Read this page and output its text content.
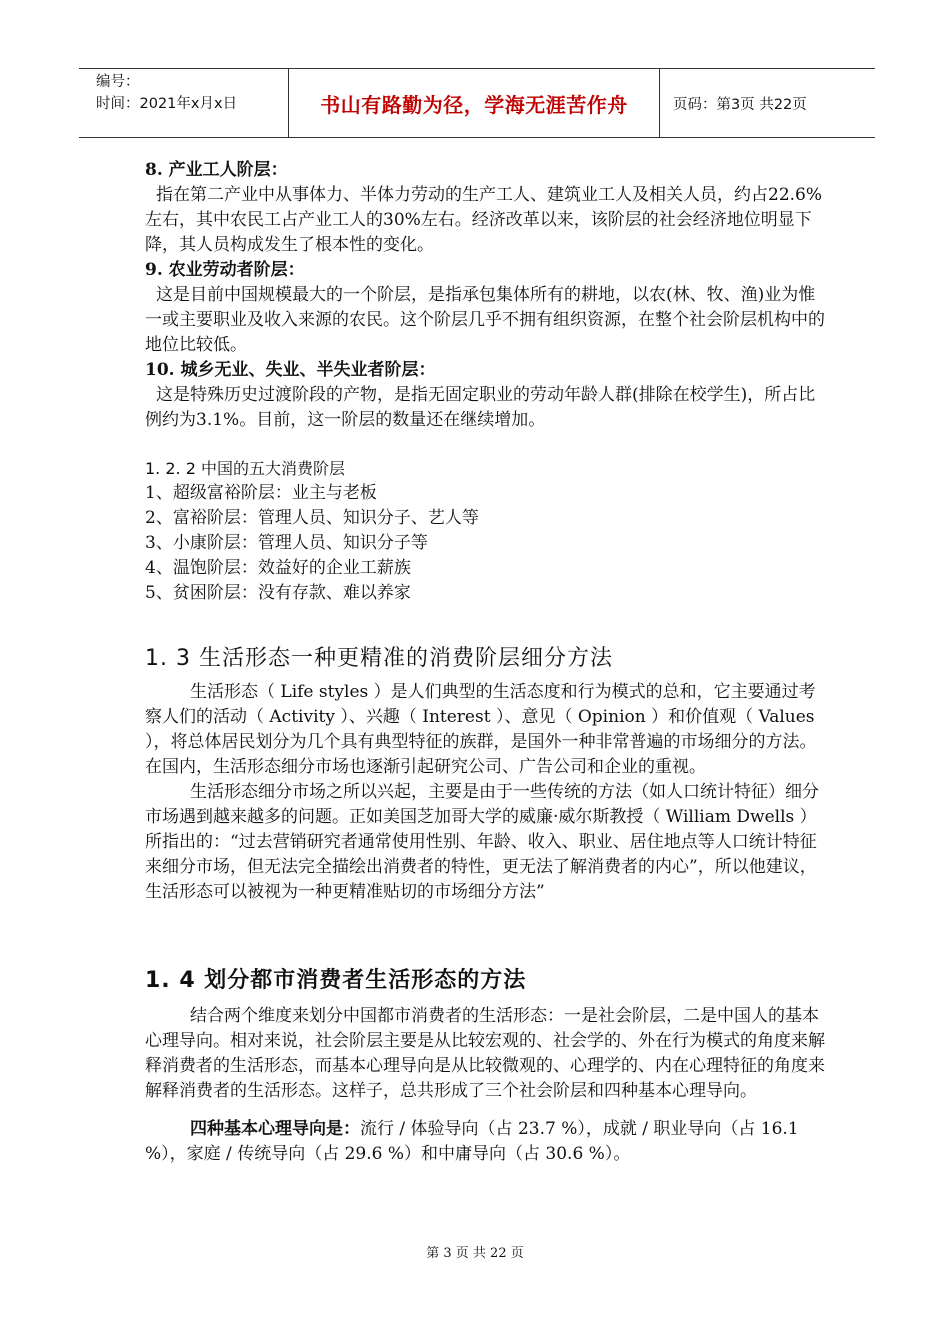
编号：
时间：2021年x月x日	书山有路勤为径，学海无涯苦作舟	页码：第3页 共22页

8. 产业工人阶层：

指在第二产业中从事体力、半体力劳动的生产工人、建筑业工人及相关人员，约占22.6%左右，其中农民工占产业工人的30%左右。经济改革以来，该阶层的社会经济地位明显下降，其人员构成发生了根本性的变化。

9. 农业劳动者阶层：

这是目前中国规模最大的一个阶层，是指承包集体所有的耕地，以农(林、牧、渔)业为惟一或主要职业及收入来源的农民。这个阶层几乎不拥有组织资源，在整个社会阶层机构中的地位比较低。

10. 城乡无业、失业、半失业者阶层：

这是特殊历史过渡阶段的产物，是指无固定职业的劳动年龄人群(排除在校学生)，所占比例约为3.1%。目前，这一阶层的数量还在继续增加。

1. 2. 2 中国的五大消费阶层

1、超级富裕阶层：业主与老板

2、富裕阶层：管理人员、知识分子、艺人等

3、小康阶层：管理人员、知识分子等

4、温饱阶层：效益好的企业工薪族

5、贫困阶层：没有存款、难以养家

1. 3 生活形态一种更精准的消费阶层细分方法

生活形态（ Life styles ）是人们典型的生活态度和行为模式的总和，它主要通过考察人们的活动（ Activity ）、兴趣（ Interest ）、意见（ Opinion ）和价值观（ Values ），将总体居民划分为几个具有典型特征的族群，是国外一种非常普遍的市场细分的方法。在国内，生活形态细分市场也逐渐引起研究公司、广告公司和企业的重视。

生活形态细分市场之所以兴起，主要是由于一些传统的方法（如人口统计特征）细分市场遇到越来越多的问题。正如美国芝加哥大学的威廉·威尔斯教授（ William Dwells ）所指出的：“过去营销研究者通常使用性别、年龄、收入、职业、居住地点等人口统计特征来细分市场，但无法完全描绘出消费者的特性，更无法了解消费者的内心”，所以他建议，生活形态可以被视为一种更精准贴切的市场细分方法”

1. 4 划分都市消费者生活形态的方法

结合两个维度来划分中国都市消费者的生活形态：一是社会阶层，二是中国人的基本心理导向。相对来说，社会阶层主要是从比较宏观的、社会学的、外在行为模式的角度来解释消费者的生活形态，而基本心理导向是从比较微观的、心理学的、内在心理特征的角度来解释消费者的生活形态。这样子，总共形成了三个社会阶层和四种基本心理导向。

四种基本心理导向是：流行 / 体验导向（占 23.7 %），成就 / 职业导向（占 16.1 %），家庭 / 传统导向（占 29.6 %）和中庸导向（占 30.6 %）。

第 3 页 共 22 页
